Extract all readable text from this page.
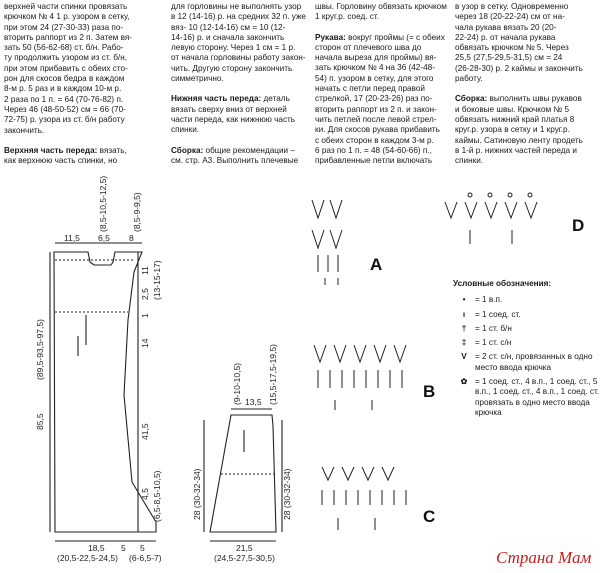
верхней части спинки провязать

крючком № 4 1 р. узором в сетку,

при этом 24 (27-30-33) раза по-

вторить раппорт из 2 п. Затем вя-

зать 50 (56-62-68) ст. б/н. Рабо-

ту продолжить узором из ст. б/н,

при этом прибавить с обеих сто-

рон для скосов бедра в каждом

8-м р. 5 раз и в каждом 10-м р.

2 раза по 1 п. = 64 (70-76-82) п.

Через 46 (48-50-52) см = 66 (70-

72-75) р. узора из ст. б/н работу

закончить.

Верхняя часть переда: вязать,

как верхнюю часть спинки, но

для горловины не выполнять узор

в 12 (14-16) р. на средних 32 п. уже

вяз- 10 (12-14-16) см = 10 (12-

14-16) р. и сначала закончить

левую сторону. Через 1 см = 1 р.

от начала горловины работу закон-

чить. Другую сторону закончить

симметрично.

Нижняя часть переда: деталь

вязать сверху вниз от верхней

части переда, как нижнюю часть

спинки.

Сборка: общие рекомендации –

см. стр. А3. Выполнить плечевые

швы. Горловину обвязать крючком

1 круг.р. соед. ст.

Рукава: вокруг проймы (= с обеих

сторон от плечевого шва до

начала выреза для проймы) вя-

зать крючком № 4 на 36 (42-48-

54) п. узором в сетку, для этого

начать с петли перед правой

стрелкой, 17 (20-23-26) раз по-

вторить раппорт из 2 п. и закон-

чить петлей после левой стрел-

ки. Для скосов рукава прибавить

с обеих сторон в каждом 3-м р.

6 раз по 1 п. = 48 (54-60-66) п.,

прибавленные петли включать

в узор в сетку. Одновременно

через 18 (20-22-24) см от на-

чала рукава вязать 20 (20-

22-24) р. от начала рукава

обвязать крючком № 5. Через

25,5 (27,5-29,5-31,5) см = 24

(26-28-30) р. 2 каймы и закончить

работу.

Сборка: выполнить швы рукавов

и боковые швы. Крючком № 5

обвязать нижний край платья 8

круг.р. узора в сетку и 1 круг.р.

каймы. Сатиновую ленту продеть

в 1-й р. нижних частей переда и

спинки.

11,5 6,5 8
(8,5-10,5-12,5)	(8,5-9-9,5)
11
2,5 (13-15-17)
1
14
41,5
4,5 (6,5-8,5-10,5)
85,5
(89,5-93,5-97,5)
18,5 5 5
(20,5-22,5-24,5) (6-6,5-7)
(9-10-10,5) 13,5 (15,5-17,5-19,5)
28 (30-32-34)	28 (30-32-34)
21,5
(24,5-27,5-30,5)
A
B
C
D
Условные обозначения:
•	= 1 в.п.
ı	= 1 соед. ст.
†	= 1 ст. б/н
‡	= 1 ст. с/н
V	= 2 ст. с/н, провязанных в одно место ввода крючка
✿ = 1 соед. ст., 4 в.п., 1 соед. ст., 5 в.п., 1 соед. ст., 4 в.п., 1 соед. ст. провязать в одно место ввода крючка
Страна Мам
